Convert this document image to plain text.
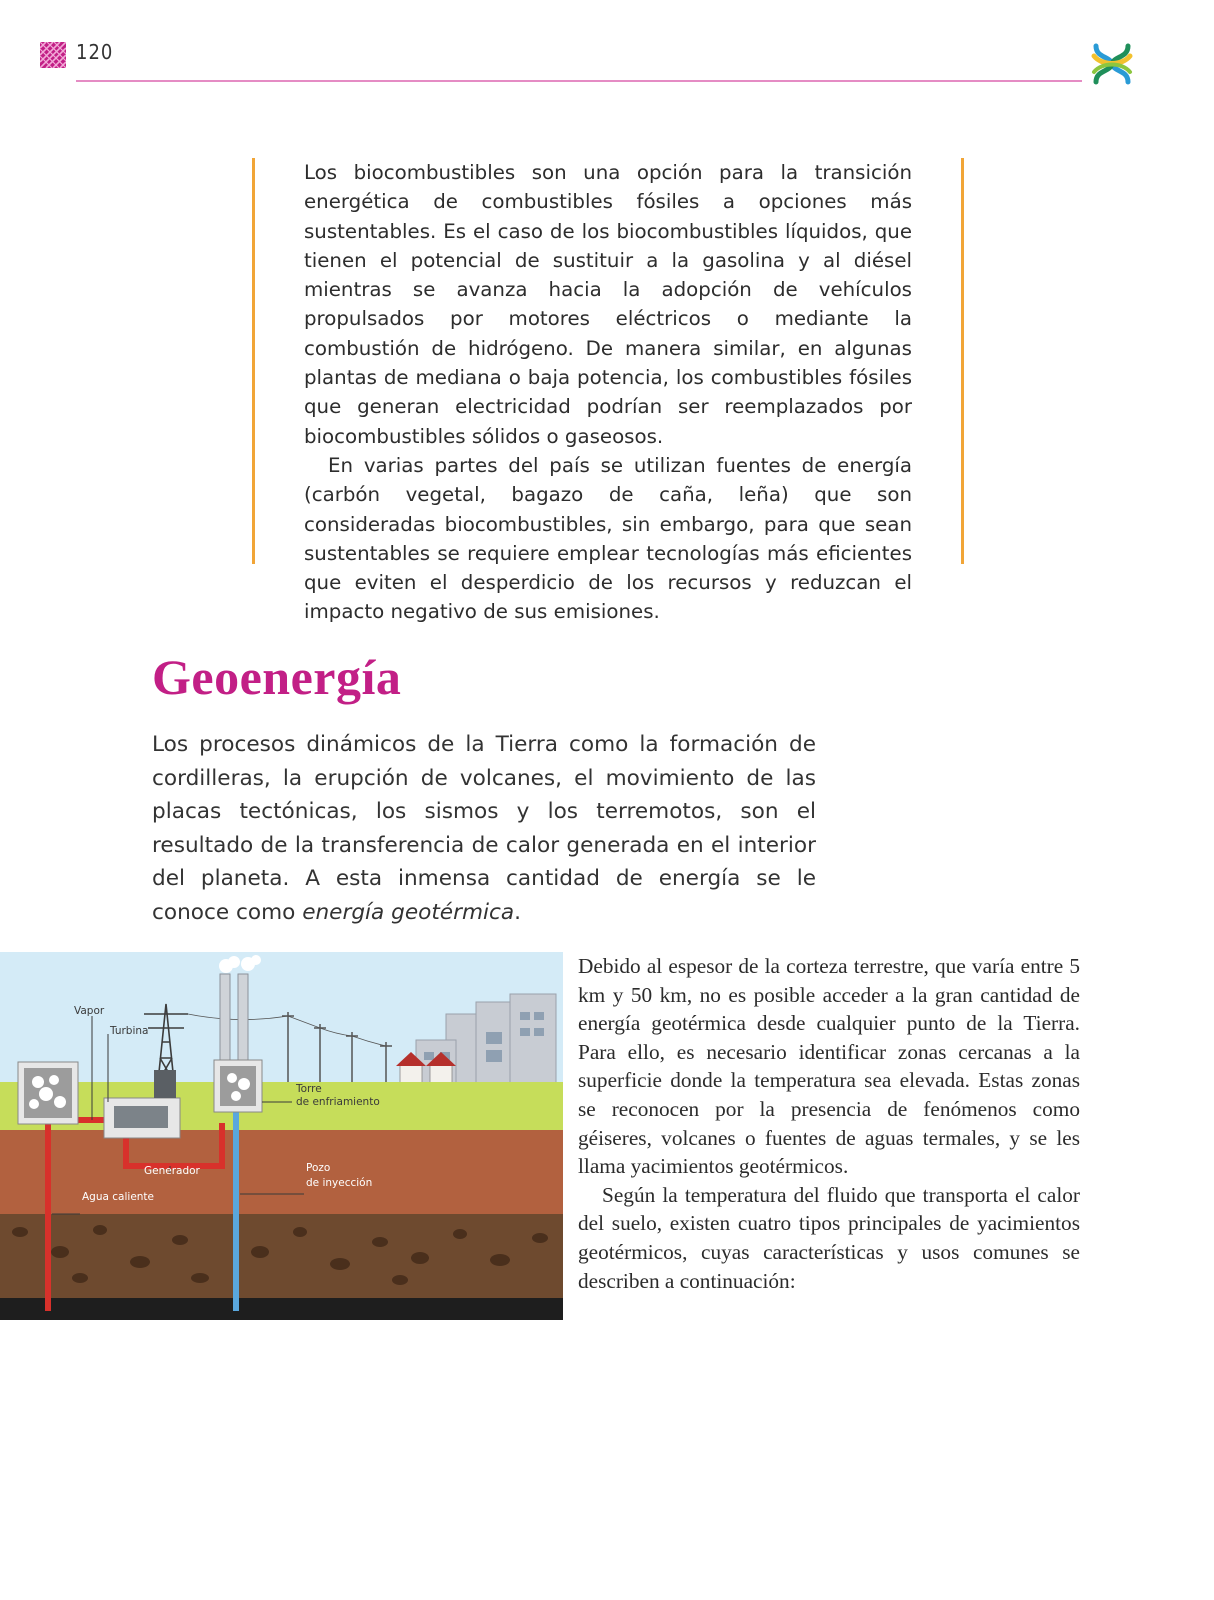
120

Los biocombustibles son una opción para la transición energética de combustibles fósiles a opciones más sustentables. Es el caso de los biocombustibles líquidos, que tienen el potencial de sustituir a la gasolina y al diésel mientras se avanza hacia la adopción de vehículos propulsados por motores eléctricos o mediante la combustión de hidrógeno. De manera similar, en algunas plantas de mediana o baja potencia, los combustibles fósiles que generan electricidad podrían ser reemplazados por biocombustibles sólidos o gaseosos.

En varias partes del país se utilizan fuentes de energía (carbón vegetal, bagazo de caña, leña) que son consideradas biocombustibles, sin embargo, para que sean sustentables se requiere emplear tecnologías más eficientes que eviten el desperdicio de los recursos y reduzcan el impacto negativo de sus emisiones.

Geoenergía

Los procesos dinámicos de la Tierra como la formación de cordilleras, la erupción de volcanes, el movimiento de las placas tectónicas, los sismos y los terremotos, son el resultado de la transferencia de calor generada en el interior del planeta. A esta inmensa cantidad de energía se le conoce como energía geotérmica.

Vapor
Turbina
Torre
de enfriamiento
Generador	Pozo
de inyección
Agua caliente

Debido al espesor de la corteza terrestre, que varía entre 5 km y 50 km, no es posible acceder a la gran cantidad de energía geotérmica desde cualquier punto de la Tierra. Para ello, es necesario identificar zonas cercanas a la superficie donde la temperatura sea elevada. Estas zonas se reconocen por la presencia de fenómenos como géiseres, volcanes o fuentes de aguas termales, y se les llama yacimientos geotérmicos.

Según la temperatura del fluido que transporta el calor del suelo, existen cuatro tipos principales de yacimientos geotérmicos, cuyas características y usos comunes se describen a continuación:
